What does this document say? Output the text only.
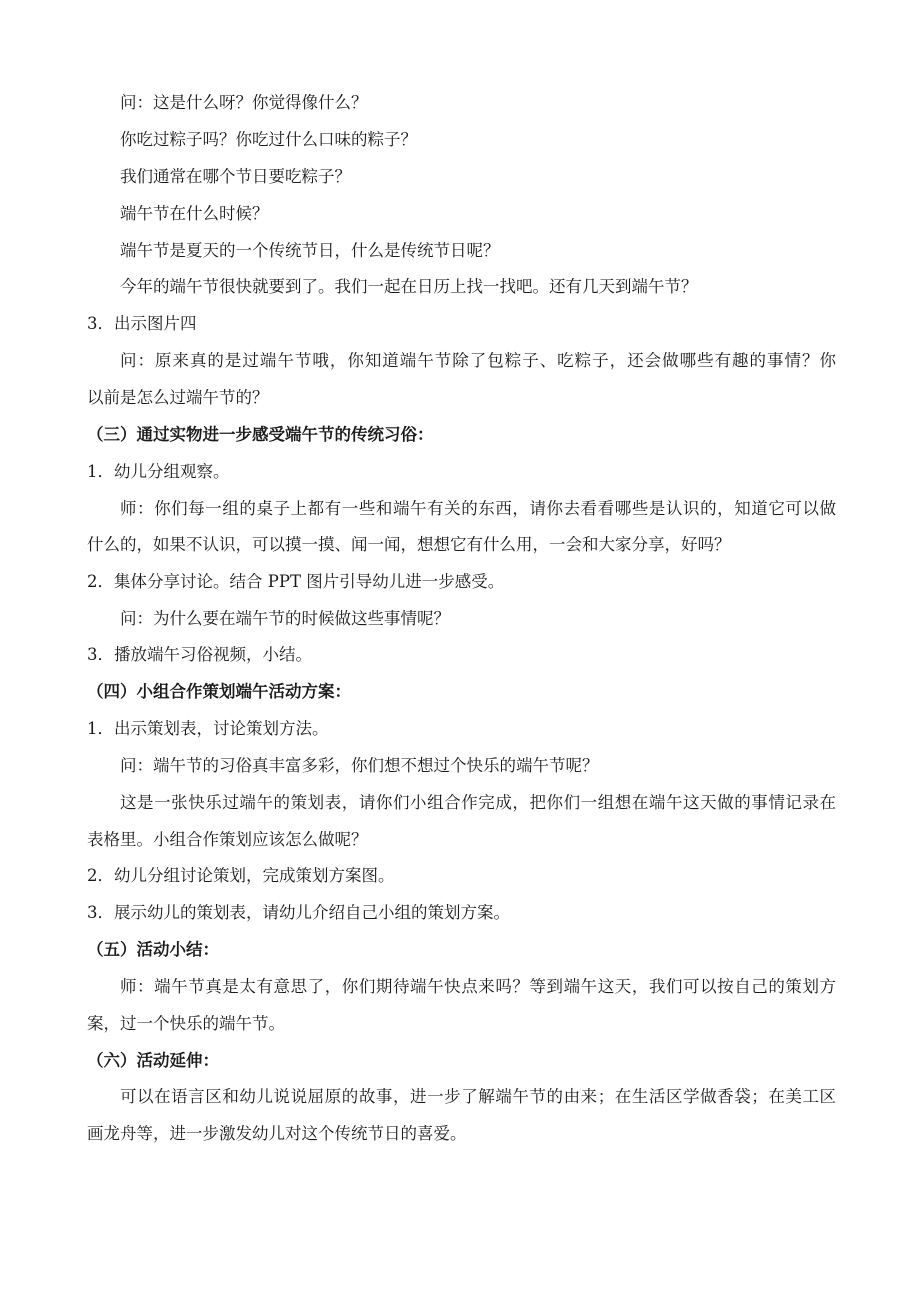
问：这是什么呀？你觉得像什么？
你吃过粽子吗？你吃过什么口味的粽子？
我们通常在哪个节日要吃粽子？
端午节在什么时候？
端午节是夏天的一个传统节日，什么是传统节日呢？
今年的端午节很快就要到了。我们一起在日历上找一找吧。还有几天到端午节？
3．出示图片四
问：原来真的是过端午节哦，你知道端午节除了包粽子、吃粽子，还会做哪些有趣的事情？你
以前是怎么过端午节的？
（三）通过实物进一步感受端午节的传统习俗：
1．幼儿分组观察。
师：你们每一组的桌子上都有一些和端午有关的东西，请你去看看哪些是认识的，知道它可以做
什么的，如果不认识，可以摸一摸、闻一闻，想想它有什么用，一会和大家分享，好吗？
2．集体分享讨论。结合 PPT 图片引导幼儿进一步感受。
问：为什么要在端午节的时候做这些事情呢？
3．播放端午习俗视频，小结。
（四）小组合作策划端午活动方案：
1．出示策划表，讨论策划方法。
问：端午节的习俗真丰富多彩，你们想不想过个快乐的端午节呢？
这是一张快乐过端午的策划表，请你们小组合作完成，把你们一组想在端午这天做的事情记录在
表格里。小组合作策划应该怎么做呢？
2．幼儿分组讨论策划，完成策划方案图。
3．展示幼儿的策划表，请幼儿介绍自己小组的策划方案。
（五）活动小结：
师：端午节真是太有意思了，你们期待端午快点来吗？等到端午这天，我们可以按自己的策划方
案，过一个快乐的端午节。
（六）活动延伸：
可以在语言区和幼儿说说屈原的故事，进一步了解端午节的由来；在生活区学做香袋；在美工区
画龙舟等，进一步激发幼儿对这个传统节日的喜爱。
